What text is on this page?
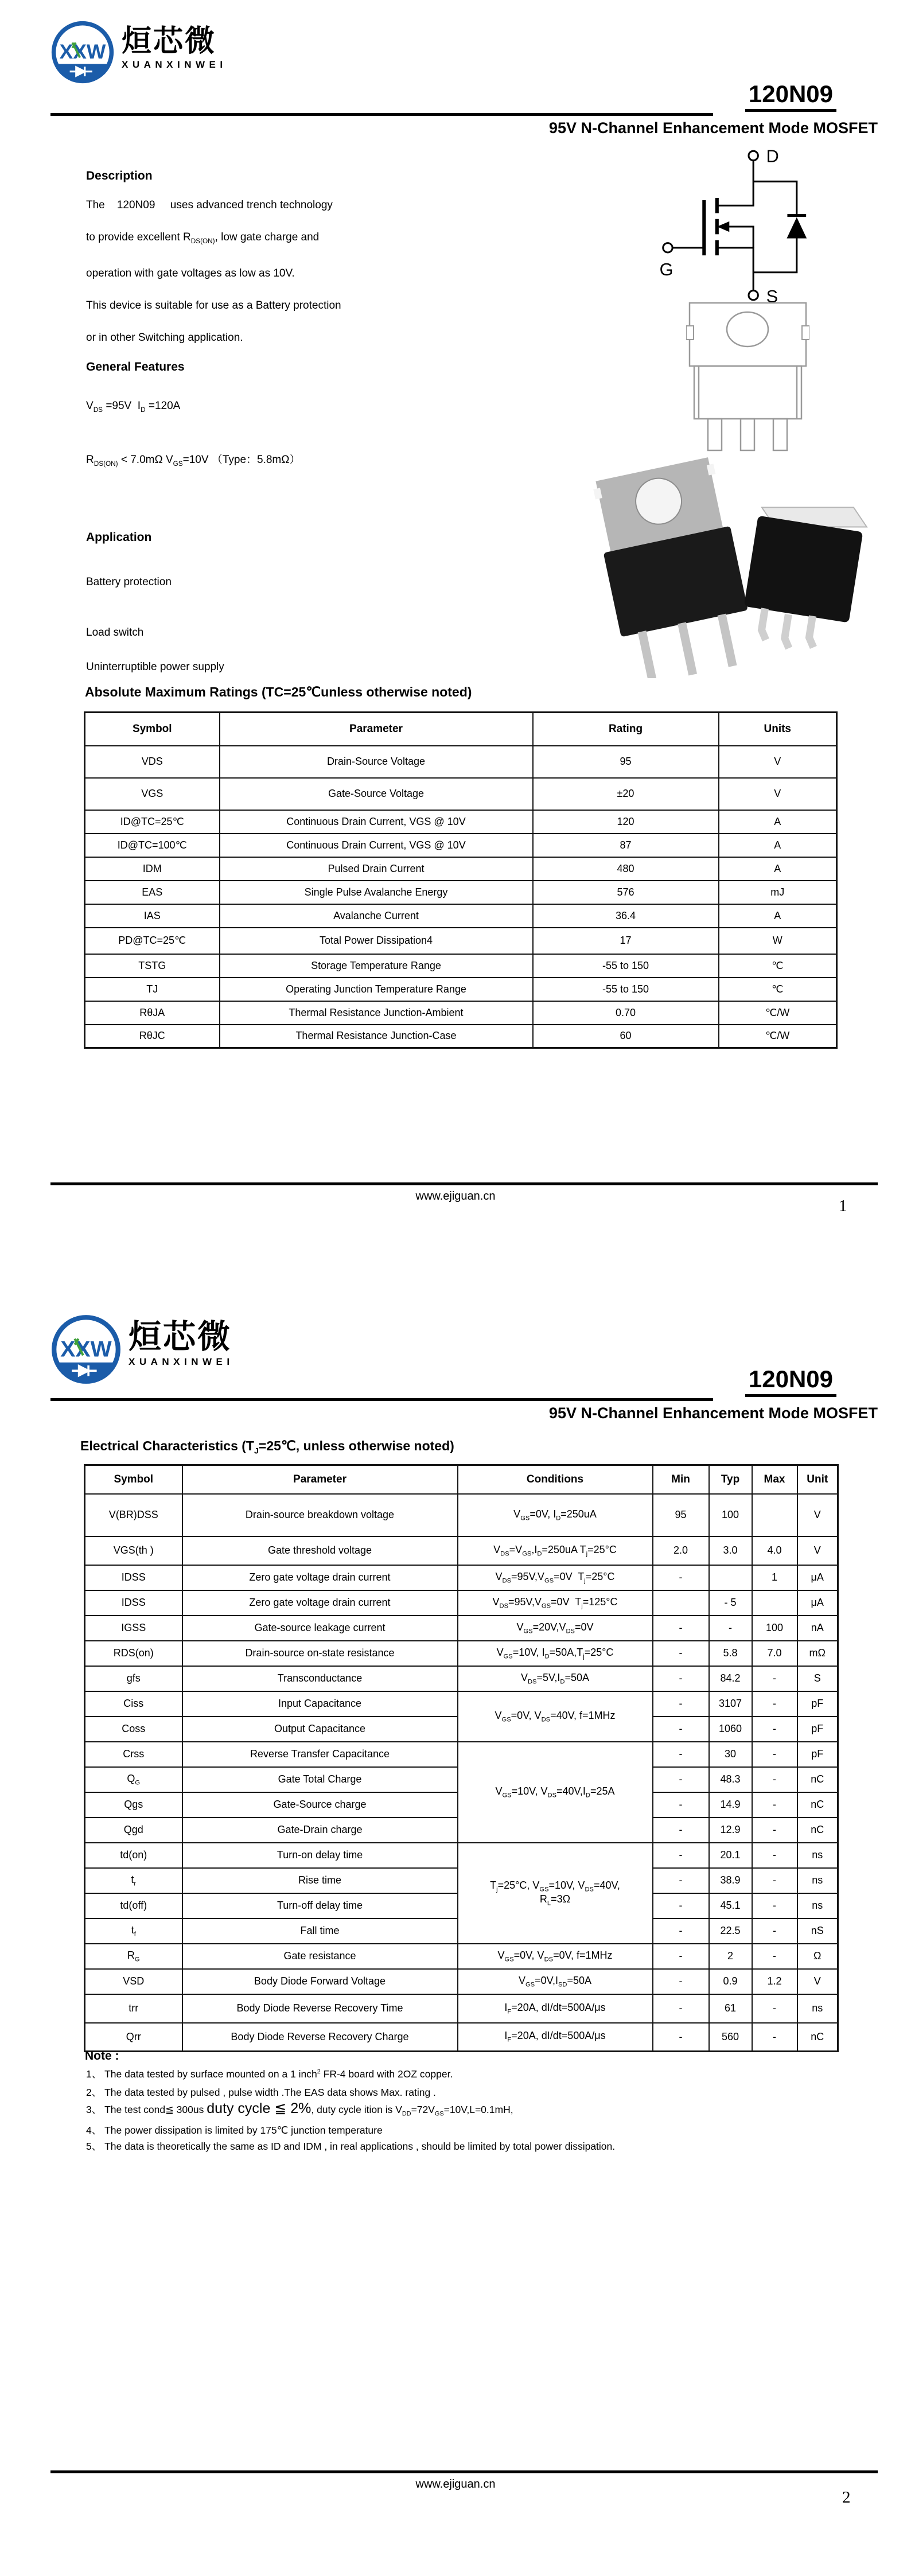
XXW 烜芯微
XUANXINWEI
120N09
95V N-Channel Enhancement Mode MOSFET
Description
The    120N09     uses advanced trench technology
to provide excellent $R_{DS(ON)}$, low gate charge and
operation with gate voltages as low as 10V.
This device is suitable for use as a Battery protection
or in other Switching application.
General Features
$V_{DS} =95V$  $I_D =120A$
$R_{DS(ON)} < 7.0m\Omega$ $V_{GS}=10V$ （Type：5.8mΩ）
Application
Battery protection
Load switch
Uninterruptible power supply
D
G
S
Absolute Maximum Ratings (TC=25℃unless otherwise noted)
Symbol	Parameter	Rating	Units
VDS	Drain-Source Voltage	95	V
VGS	Gate-Source Voltage	±20	V
ID@TC=25℃	Continuous Drain Current, VGS @ 10V	120	A
ID@TC=100℃	Continuous Drain Current, VGS @ 10V	87	A
IDM	Pulsed Drain Current	480	A
EAS	Single Pulse Avalanche Energy	576	mJ
IAS	Avalanche Current	36.4	A
PD@TC=25℃	Total Power Dissipation4	17	W
TSTG	Storage Temperature Range	-55 to 150	℃
TJ	Operating Junction Temperature Range	-55 to 150	℃
RθJA	Thermal Resistance Junction-Ambient	0.70	℃/W
RθJC	Thermal Resistance Junction-Case	60	℃/W
www.ejiguan.cn
1
XXW 烜芯微
XUANXINWEI
120N09
95V N-Channel Enhancement Mode MOSFET
Electrical Characteristics ($T_J=25℃$, unless otherwise noted)
Symbol	Parameter	Conditions	Min	Typ	Max	Unit
V(BR)DSS	Drain-source breakdown voltage	$V_{GS}=0V$, $I_D=250uA$	95	100		V
VGS(th )	Gate threshold voltage	$V_{DS}=V_{GS},I_D=250uA$ $T_j=25^\circ C$	2.0	3.0	4.0	V
IDSS	Zero gate voltage drain current	$V_{DS}=95V,V_{GS}=0V$  $T_j=25^\circ C$	-		1	μA
IDSS	Zero gate voltage drain current	$V_{DS}=95V,V_{GS}=0V$  $T_j=125^\circ C$		- 5		μA
IGSS	Gate-source leakage current	$V_{GS}=20V,V_{DS}=0V$	-	-	100	nA
RDS(on)	Drain-source on-state resistance	$V_{GS}=10V$, $I_D=50A,T_j=25^\circ C$	-	5.8	7.0	mΩ
gfs	Transconductance	$V_{DS}=5V,I_D=50A$	-	84.2	-	S
Ciss	Input Capacitance	$V_{GS}=0V$, $V_{DS}=40V$, f=1MHz	-	3107	-	pF
Coss	Output Capacitance		-	1060	-	pF
Crss	Reverse Transfer Capacitance	$V_{GS}=10V$, $V_{DS}=40V,I_D=25A$	-	30	-	pF
$Q_G$	Gate Total Charge		-	48.3	-	nC
Qgs	Gate-Source charge		-	14.9	-	nC
Qgd	Gate-Drain charge		-	12.9	-	nC
td(on)	Turn-on delay time	$T_j=25^\circ C$, $V_{GS}=10V$, $V_{DS}=40V$,
$R_L=3\Omega$	-	20.1	-	ns
$t_r$	Rise time		-	38.9	-	ns
td(off)	Turn-off delay time		-	45.1	-	ns
$t_f$	Fall time		-	22.5	-	nS
$R_G$	Gate resistance	$V_{GS}=0V$, $V_{DS}=0V$, f=1MHz	-	2	-	Ω
VSD	Body Diode Forward Voltage	$V_{GS}=0V,I_{SD}=50A$	-	0.9	1.2	V
trr	Body Diode Reverse Recovery Time	$I_F=20A$, dI/dt=500A/μs	-	61	-	ns
Qrr	Body Diode Reverse Recovery Charge	$I_F=20A$, dI/dt=500A/μs	-	560	-	nC
Note :
1、 The data tested by surface mounted on a 1 inch$^2$ FR-4 board with 2OZ copper.
2、 The data tested by pulsed , pulse width .The EAS data shows Max. rating .
3、 The test cond≦ 300us duty cycle ≦ 2%, duty cycle ition is $V_{DD}=72V_{GS}=10V,L=0.1mH$,
4、 The power dissipation is limited by 175℃ junction temperature
5、 The data is theoretically the same as ID and IDM , in real applications , should be limited by total power dissipation.
www.ejiguan.cn
2
